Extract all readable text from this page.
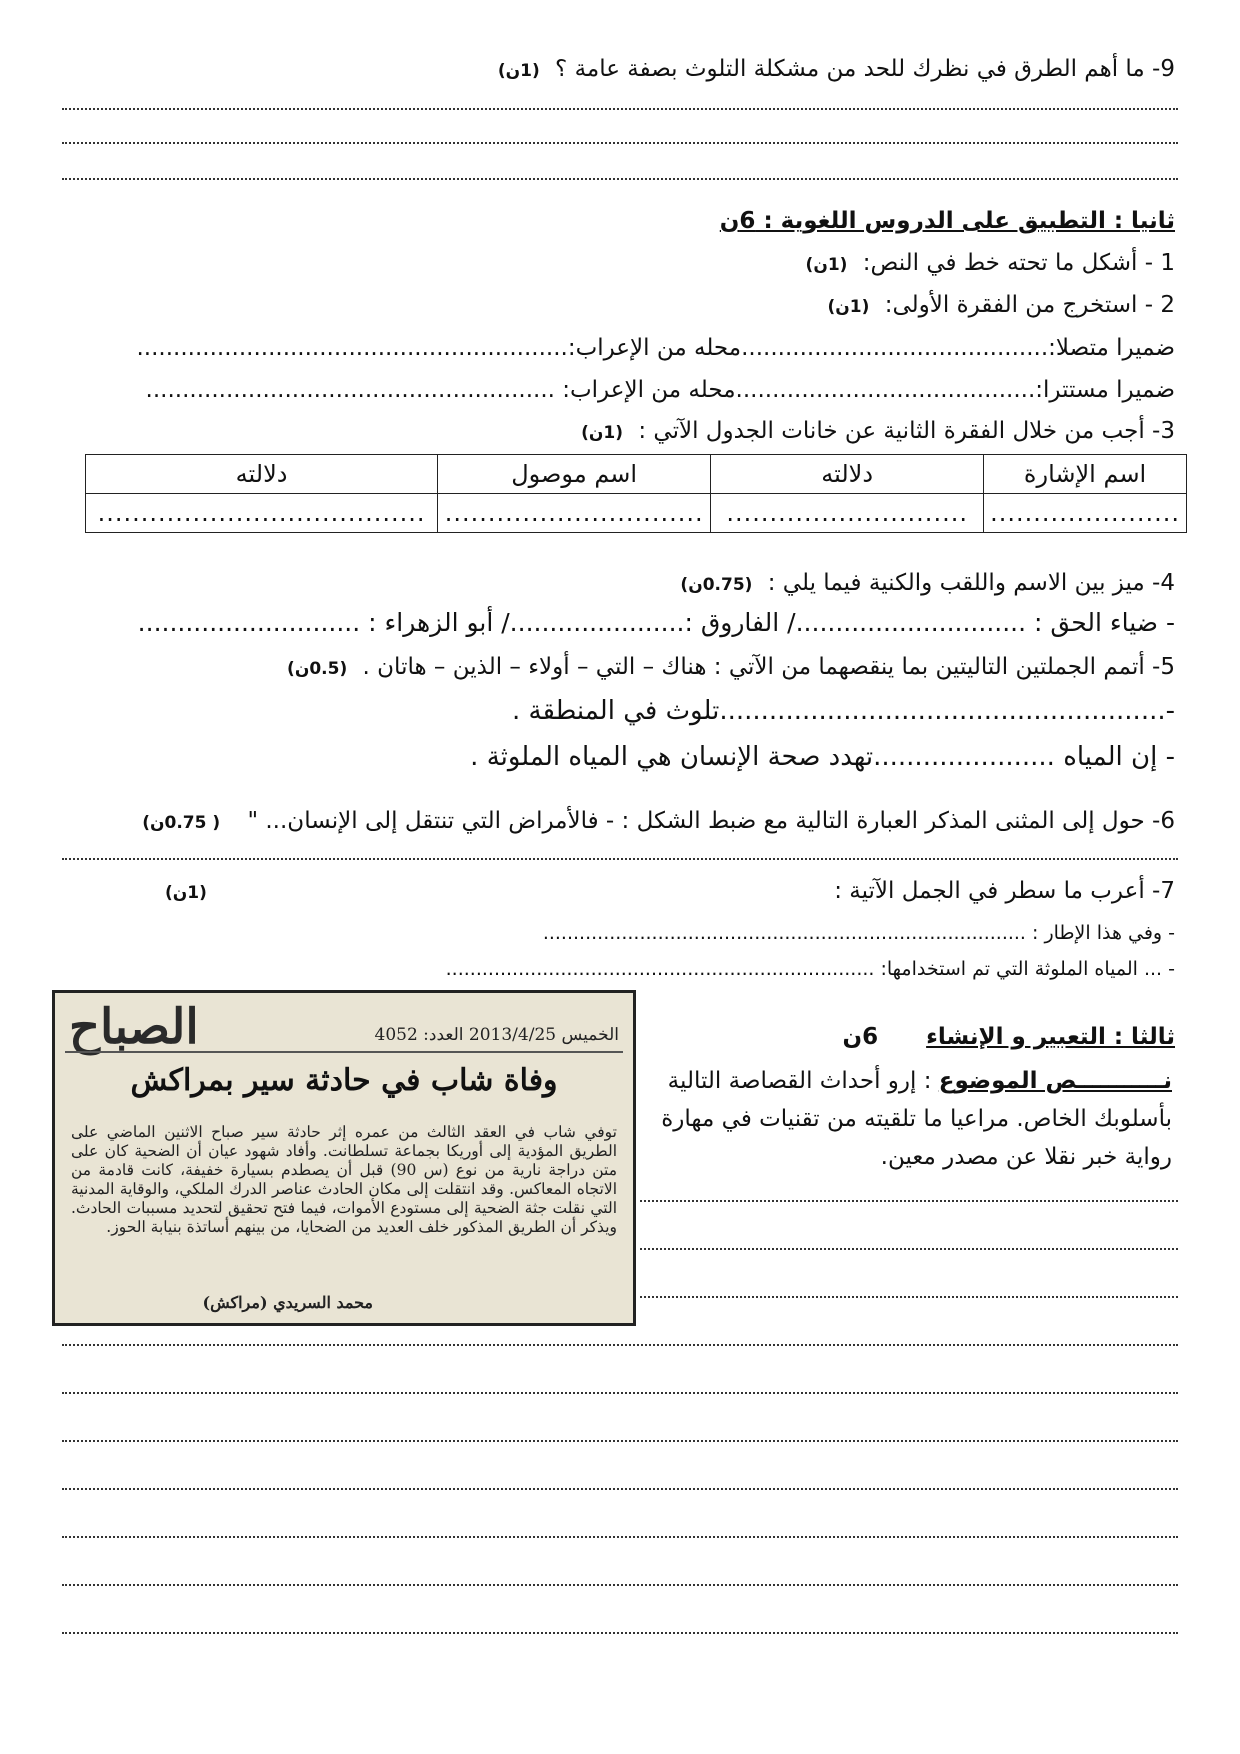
9- ما أهم الطرق في نظرك للحد من مشكلة التلوث بصفة عامة ؟ (1ن)
ثانيا : التطبيق على الدروس اللغوية : 6ن
1 - أشكل ما تحته خط في النص: (1ن)
2 - استخرج من الفقرة الأولى: (1ن)
ضميرا متصلا:..........................................محله من الإعراب:...........................................................
ضميرا مستترا:.........................................محله من الإعراب: ........................................................
3- أجب من خلال الفقرة الثانية عن خانات الجدول الآتي : (1ن)
اسم الإشارة	دلالته	اسم موصول	دلالته
......................	............................	..............................	......................................
4- ميز بين الاسم واللقب والكنية فيما يلي : (0.75ن)
- ضياء الحق : ............................./ الفاروق :....................../ أبو الزهراء : ............................
5- أتمم الجملتين التاليتين بما ينقصهما من الآتي : هناك – التي – أولاء – الذين – هاتان . (0.5ن)
-......................................................تلوث في المنطقة .
- إن المياه ......................تهدد صحة الإنسان هي المياه الملوثة .
6- حول إلى المثنى المذكر العبارة التالية مع ضبط الشكل : - فالأمراض التي تنتقل إلى الإنسان... " ( 0.75ن)
7- أعرب ما سطر في الجمل الآتية : (1ن)
- وفي هذا الإطار : ................................................................................
- ... المياه الملوثة التي تم استخدامها: .......................................................................
الصباح	الخميس 2013/4/25 العدد: 4052
وفاة شاب في حادثة سير بمراكش
توفي شاب في العقد الثالث من عمره إثر حادثة سير صباح الاثنين الماضي على الطريق المؤدية إلى أوريكا بجماعة تسلطانت. وأفاد شهود عيان أن الضحية كان على متن دراجة نارية من نوع (س 90) قبل أن يصطدم بسيارة خفيفة، كانت قادمة من الاتجاه المعاكس. وقد انتقلت إلى مكان الحادث عناصر الدرك الملكي، والوقاية المدنية التي نقلت جثة الضحية إلى مستودع الأموات، فيما فتح تحقيق لتحديد مسببات الحادث. ويذكر أن الطريق المذكور خلف العديد من الضحايا، من بينهم أساتذة بنيابة الحوز.
محمد السريدي (مراكش)
ثالثا : التعبير و الإنشاء 6ن
نـــــــــــص الموضوع : إرو أحداث القصاصة التالية بأسلوبك الخاص. مراعيا ما تلقيته من تقنيات في مهارة رواية خبر نقلا عن مصدر معين.
